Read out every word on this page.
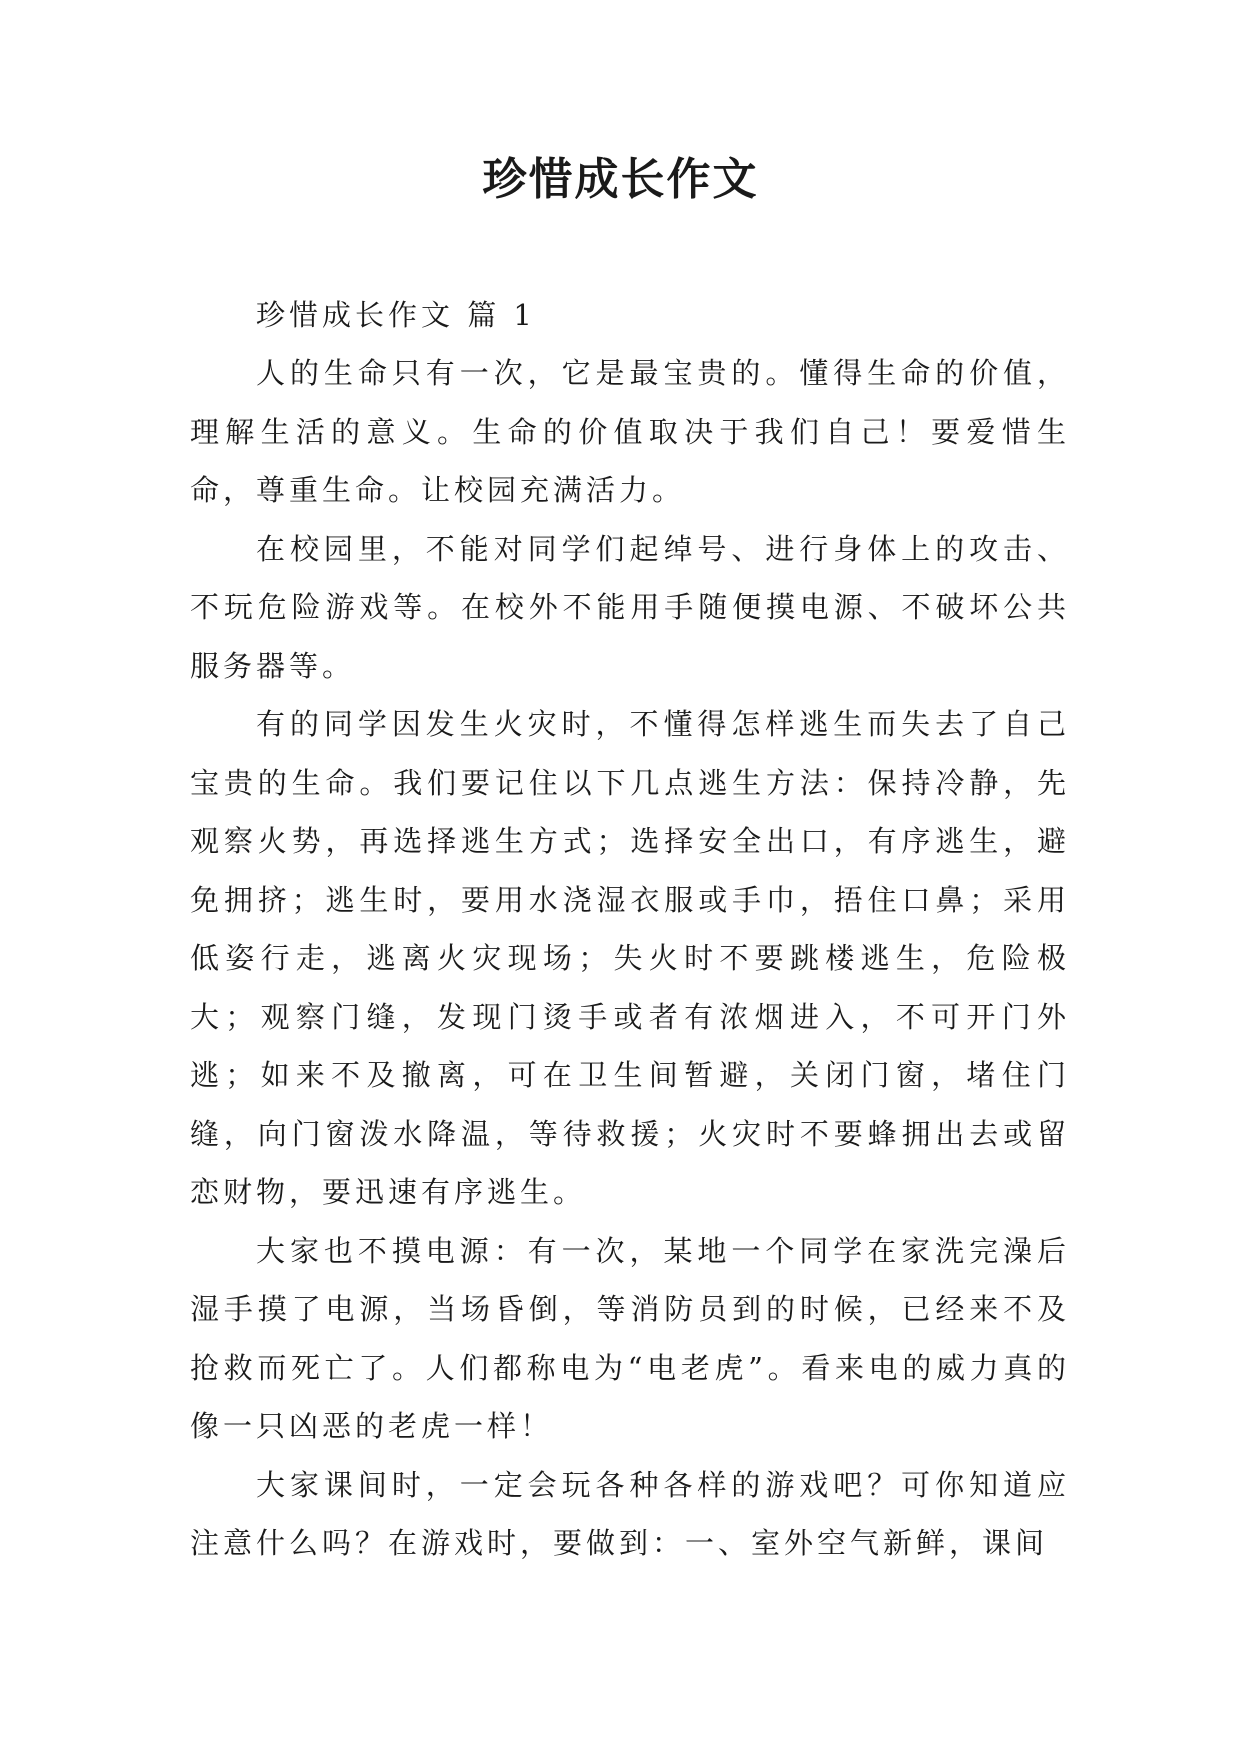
珍惜成长作文

珍惜成长作文 篇 1

人的生命只有一次，它是最宝贵的。懂得生命的价值，理解生活的意义。生命的价值取决于我们自己！要爱惜生命，尊重生命。让校园充满活力。

在校园里，不能对同学们起绰号、进行身体上的攻击、不玩危险游戏等。在校外不能用手随便摸电源、不破坏公共服务器等。

有的同学因发生火灾时，不懂得怎样逃生而失去了自己宝贵的生命。我们要记住以下几点逃生方法：保持冷静，先观察火势，再选择逃生方式；选择安全出口，有序逃生，避免拥挤；逃生时，要用水浇湿衣服或手巾，捂住口鼻；采用低姿行走，逃离火灾现场；失火时不要跳楼逃生，危险极大；观察门缝，发现门烫手或者有浓烟进入，不可开门外逃；如来不及撤离，可在卫生间暂避，关闭门窗，堵住门缝，向门窗泼水降温，等待救援；火灾时不要蜂拥出去或留恋财物，要迅速有序逃生。

大家也不摸电源：有一次，某地一个同学在家洗完澡后湿手摸了电源，当场昏倒，等消防员到的时候，已经来不及抢救而死亡了。人们都称电为“电老虎”。看来电的威力真的像一只凶恶的老虎一样！

大家课间时，一定会玩各种各样的游戏吧？可你知道应注意什么吗？在游戏时，要做到：一、室外空气新鲜，课间
